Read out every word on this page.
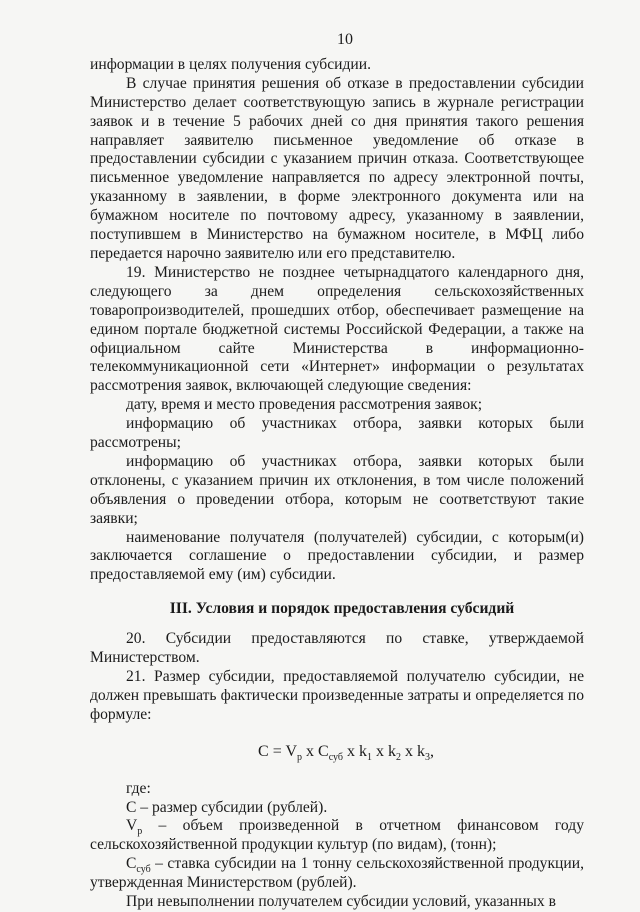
10

информации в целях получения субсидии.

В случае принятия решения об отказе в предоставлении субсидии Министерство делает соответствующую запись в журнале регистрации заявок и в течение 5 рабочих дней со дня принятия такого решения направляет заявителю письменное уведомление об отказе в предоставлении субсидии с указанием причин отказа. Соответствующее письменное уведомление направляется по адресу электронной почты, указанному в заявлении, в форме электронного документа или на бумажном носителе по почтовому адресу, указанному в заявлении, поступившем в Министерство на бумажном носителе, в МФЦ либо передается нарочно заявителю или его представителю.

19. Министерство не позднее четырнадцатого календарного дня, следующего за днем определения сельскохозяйственных товаропроизводителей, прошедших отбор, обеспечивает размещение на едином портале бюджетной системы Российской Федерации, а также на официальном сайте Министерства в информационно-телекоммуникационной сети «Интернет» информации о результатах рассмотрения заявок, включающей следующие сведения:

дату, время и место проведения рассмотрения заявок;

информацию об участниках отбора, заявки которых были рассмотрены;

информацию об участниках отбора, заявки которых были отклонены, с указанием причин их отклонения, в том числе положений объявления о проведении отбора, которым не соответствуют такие заявки;

наименование получателя (получателей) субсидии, с которым(и) заключается соглашение о предоставлении субсидии, и размер предоставляемой ему (им) субсидии.

III. Условия и порядок предоставления субсидий

20. Субсидии предоставляются по ставке, утверждаемой Министерством.

21. Размер субсидии, предоставляемой получателю субсидии, не должен превышать фактически произведенные затраты и определяется по формуле:

$C = V_р$ x $C_{суб}$ x $k_1$ x $k_2$ x $k_3$,

где:

С – размер субсидии (рублей).

$V_р$ – объем произведенной в отчетном финансовом году сельскохозяйственной продукции культур (по видам), (тонн);

$C_{суб}$ – ставка субсидии на 1 тонну сельскохозяйственной продукции, утвержденная Министерством (рублей).

При невыполнении получателем субсидии условий, указанных в
